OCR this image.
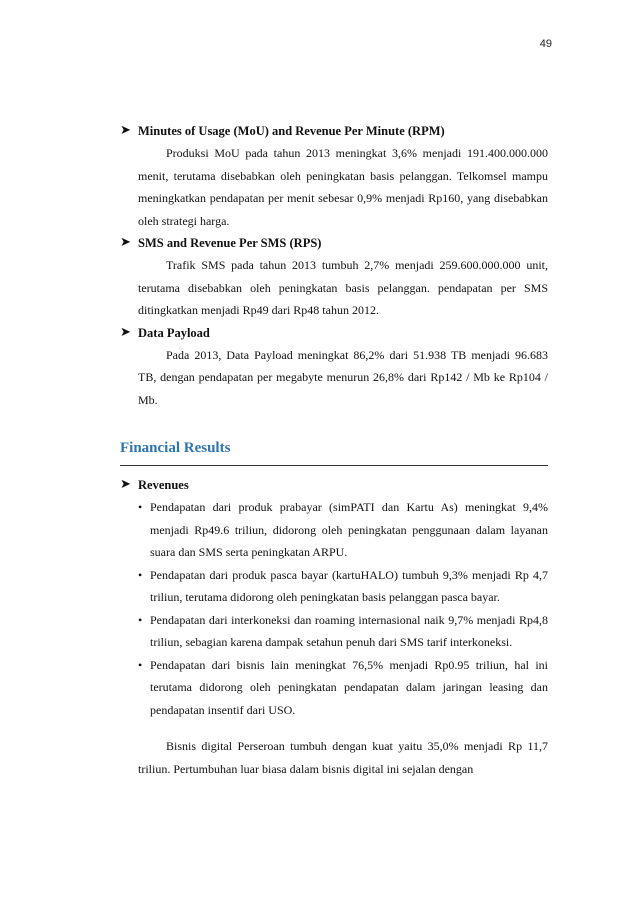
49
➤ Minutes of Usage (MoU) and Revenue Per Minute (RPM)

Produksi MoU pada tahun 2013 meningkat 3,6% menjadi 191.400.000.000 menit, terutama disebabkan oleh peningkatan basis pelanggan. Telkomsel mampu meningkatkan pendapatan per menit sebesar 0,9% menjadi Rp160, yang disebabkan oleh strategi harga.

➤ SMS and Revenue Per SMS (RPS)

Trafik SMS pada tahun 2013 tumbuh 2,7% menjadi 259.600.000.000 unit, terutama disebabkan oleh peningkatan basis pelanggan. pendapatan per SMS ditingkatkan menjadi Rp49 dari Rp48 tahun 2012.

➤ Data Payload

Pada 2013, Data Payload meningkat 86,2% dari 51.938 TB menjadi 96.683 TB, dengan pendapatan per megabyte menurun 26,8% dari Rp142 / Mb ke Rp104 / Mb.

Financial Results
➤ Revenues
• Pendapatan dari produk prabayar (simPATI dan Kartu As) meningkat 9,4% menjadi Rp49.6 triliun, didorong oleh peningkatan penggunaan dalam layanan suara dan SMS serta peningkatan ARPU.
• Pendapatan dari produk pasca bayar (kartuHALO) tumbuh 9,3% menjadi Rp 4,7 triliun, terutama didorong oleh peningkatan basis pelanggan pasca bayar.
• Pendapatan dari interkoneksi dan roaming internasional naik 9,7% menjadi Rp4,8 triliun, sebagian karena dampak setahun penuh dari SMS tarif interkoneksi.
• Pendapatan dari bisnis lain meningkat 76,5% menjadi Rp0.95 triliun, hal ini terutama didorong oleh peningkatan pendapatan dalam jaringan leasing dan pendapatan insentif dari USO.

Bisnis digital Perseroan tumbuh dengan kuat yaitu 35,0% menjadi Rp 11,7 triliun. Pertumbuhan luar biasa dalam bisnis digital ini sejalan dengan
